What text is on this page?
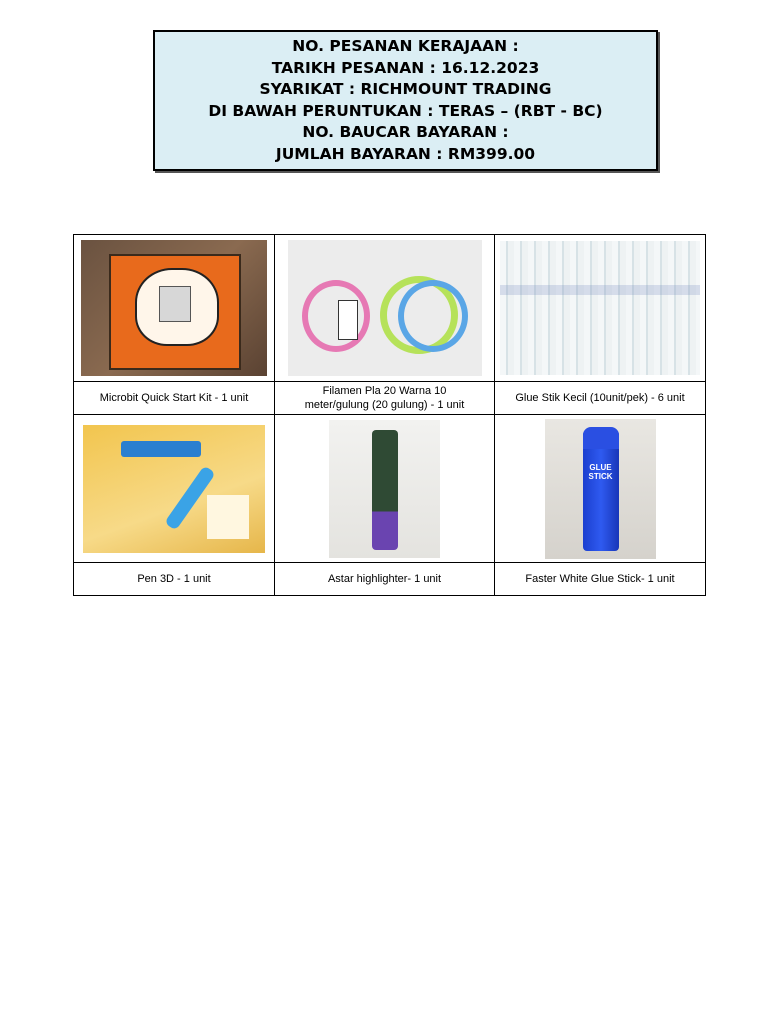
NO. PESANAN KERAJAAN :
TARIKH PESANAN : 16.12.2023
SYARIKAT : RICHMOUNT TRADING
DI BAWAH PERUNTUKAN : TERAS – (RBT - BC)
NO. BAUCAR BAYARAN :
JUMLAH BAYARAN : RM399.00

Microbit Quick Start Kit - 1 unit	Filamen Pla 20 Warna 10
meter/gulung (20 gulung) - 1 unit	Glue Stik Kecil (10unit/pek) - 6 unit

		GLUE
STICK

Pen 3D - 1 unit	Astar highlighter- 1 unit	Faster White Glue Stick- 1 unit
